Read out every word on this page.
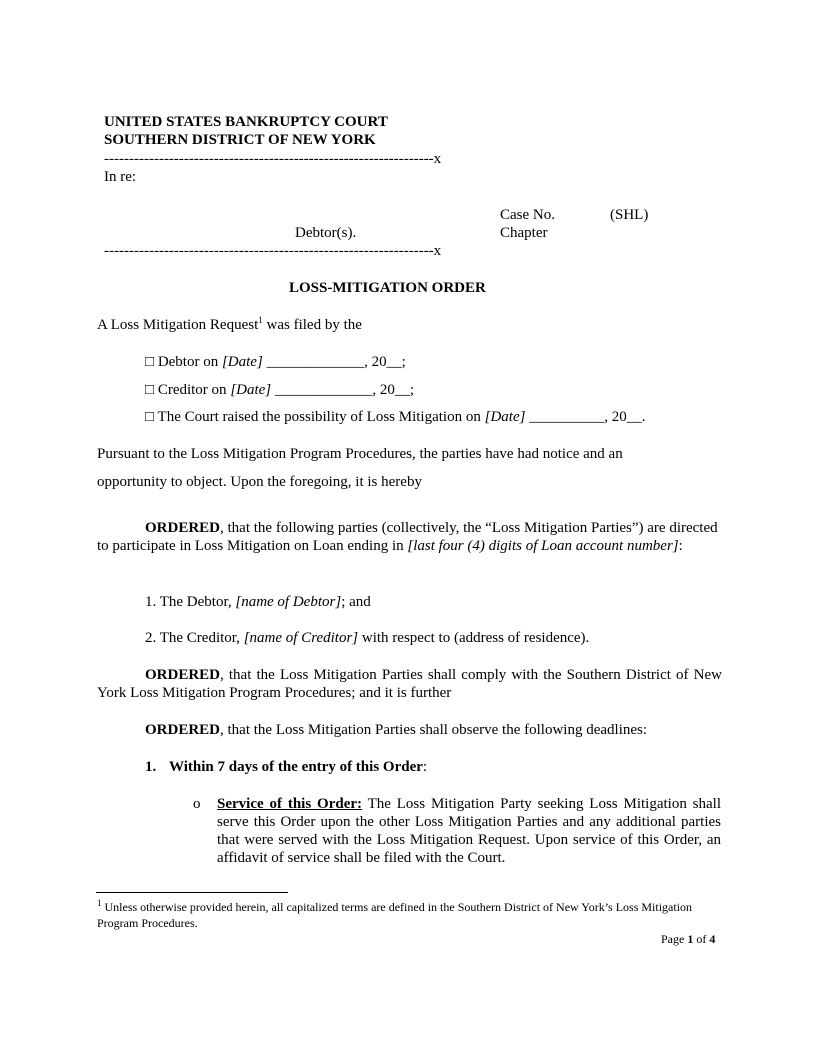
UNITED STATES BANKRUPTCY COURT
SOUTHERN DISTRICT OF NEW YORK
------------------------------------------------------------------x
In re:
Case No.	(SHL)
Debtor(s).	Chapter
------------------------------------------------------------------x
LOSS-MITIGATION ORDER
A Loss Mitigation Request$^1$ was filed by the
□ Debtor on [Date] _____________, 20__;
□ Creditor on [Date] _____________, 20__;
□ The Court raised the possibility of Loss Mitigation on [Date] __________, 20__.
Pursuant to the Loss Mitigation Program Procedures, the parties have had notice and an
opportunity to object. Upon the foregoing, it is hereby
ORDERED, that the following parties (collectively, the “Loss Mitigation Parties”) are directed to participate in Loss Mitigation on Loan ending in [last four (4) digits of Loan account number]:
1. The Debtor, [name of Debtor]; and
2. The Creditor, [name of Creditor] with respect to (address of residence).
ORDERED, that the Loss Mitigation Parties shall comply with the Southern District of New York Loss Mitigation Program Procedures; and it is further
ORDERED, that the Loss Mitigation Parties shall observe the following deadlines:
1. Within 7 days of the entry of this Order:
o Service of this Order: The Loss Mitigation Party seeking Loss Mitigation shall serve this Order upon the other Loss Mitigation Parties and any additional parties that were served with the Loss Mitigation Request. Upon service of this Order, an affidavit of service shall be filed with the Court.
$^1$ Unless otherwise provided herein, all capitalized terms are defined in the Southern District of New York’s Loss Mitigation Program Procedures.
Page 1 of 4
